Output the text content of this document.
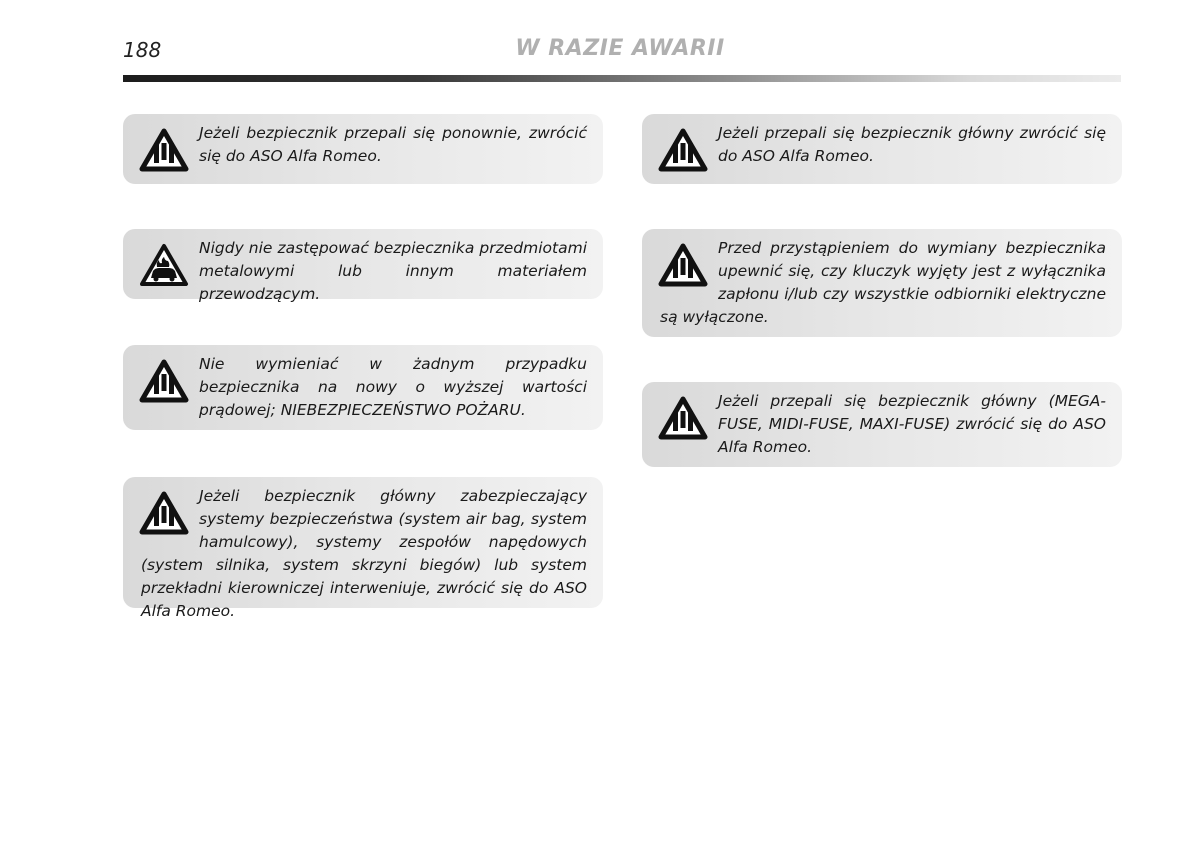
188	W RAZIE AWARII
Jeżeli bezpiecznik przepali się ponownie, zwrócić się do ASO Alfa Romeo.
Nigdy nie zastępować bezpiecznika przedmiotami metalowymi lub innym materiałem przewodzącym.
Nie wymieniać w żadnym przypadku bezpiecznika na nowy o wyższej wartości prądowej; NIEBEZPIECZEŃSTWO POŻARU.
Jeżeli bezpiecznik główny zabezpieczający systemy bezpieczeństwa (system air bag, system hamulcowy), systemy zespołów napędowych (system silnika, system skrzyni biegów) lub system przekładni kierowniczej interweniuje, zwrócić się do ASO Alfa Romeo.
Jeżeli przepali się bezpiecznik główny zwrócić się do ASO Alfa Romeo.
Przed przystąpieniem do wymiany bezpiecznika upewnić się, czy kluczyk wyjęty jest z wyłącznika zapłonu i/lub czy wszystkie odbiorniki elektryczne są wyłączone.
Jeżeli przepali się bezpiecznik główny (MEGA-FUSE, MIDI-FUSE, MAXI-FUSE) zwrócić się do ASO Alfa Romeo.
